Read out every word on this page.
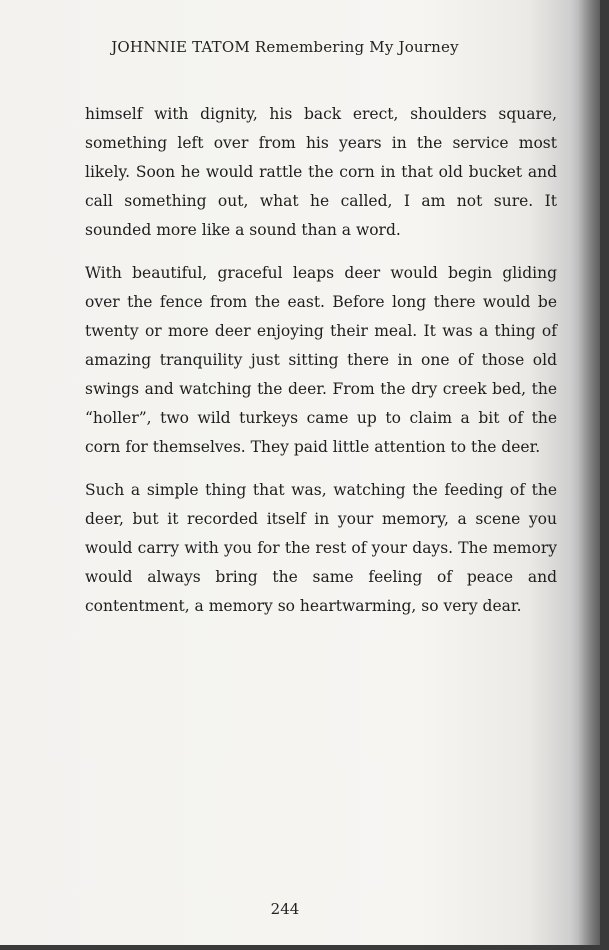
JOHNNIE TATOM Remembering My Journey

himself with dignity, his back erect, shoulders square, something left over from his years in the service most likely. Soon he would rattle the corn in that old bucket and call something out, what he called, I am not sure. It sounded more like a sound than a word.

With beautiful, graceful leaps deer would begin gliding over the fence from the east. Before long there would be twenty or more deer enjoying their meal. It was a thing of amazing tranquility just sitting there in one of those old swings and watching the deer. From the dry creek bed, the “holler”, two wild turkeys came up to claim a bit of the corn for themselves. They paid little attention to the deer.

Such a simple thing that was, watching the feeding of the deer, but it recorded itself in your memory, a scene you would carry with you for the rest of your days. The memory would always bring the same feeling of peace and contentment, a memory so heartwarming, so very dear.

244
